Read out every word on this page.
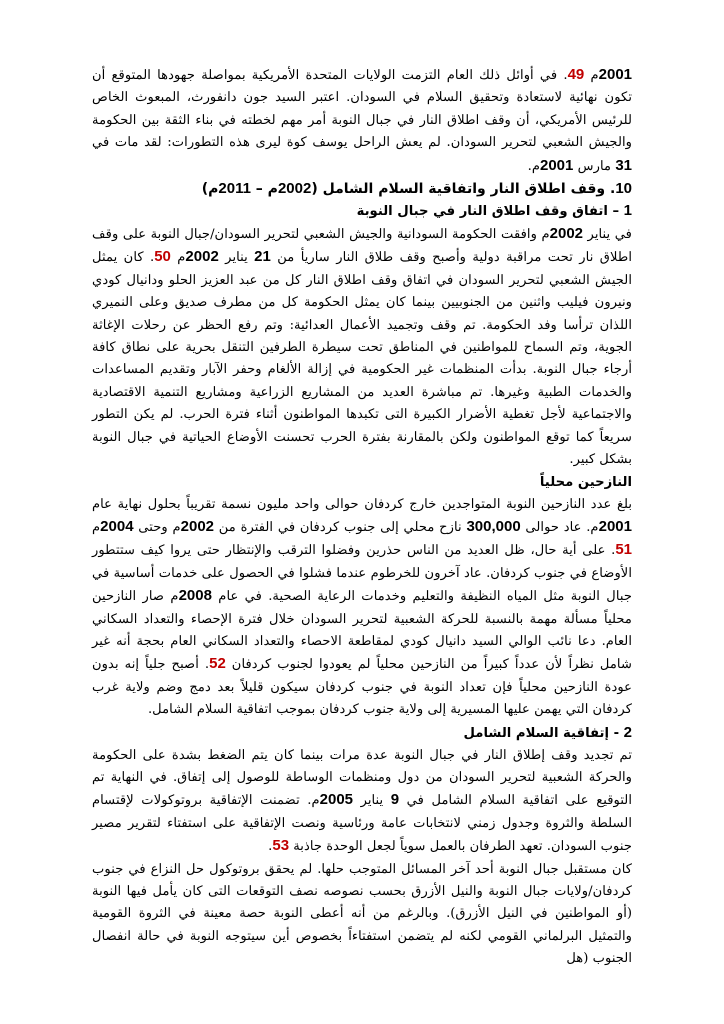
2001م 49. في أوائل ذلك العام التزمت الولايات المتحدة الأمريكية بمواصلة جهودها المتوقع أن تكون نهائية لاستعادة وتحقيق السلام في السودان. اعتبر السيد جون دانفورث، المبعوث الخاص للرئيس الأمريكي، أن وقف اطلاق النار في جبال النوبة أمر مهم لخطته في بناء الثقة بين الحكومة والجيش الشعبي لتحرير السودان. لم يعش الراحل يوسف كوة ليرى هذه التطورات: لقد مات في 31 مارس 2001م.

10. وقف اطلاق النار واتفاقية السلام الشامل (2002م – 2011م)

1 – اتفاق وقف اطلاق النار في جبال النوبة

في يناير 2002م وافقت الحكومة السودانية والجيش الشعبي لتحرير السودان/جبال النوبة على وقف اطلاق نار تحت مراقبة دولية وأصبح وقف طلاق النار ساريأ من 21 يناير 2002م 50. كان يمثل الجيش الشعبي لتحرير السودان في اتفاق وقف اطلاق النار كل من عبد العزيز الحلو ودانيال كودي ونيرون فيليب واثنين من الجنوبيين بينما كان يمثل الحكومة كل من مطرف صديق وعلى النميري اللذان ترأسا وفد الحكومة. تم وقف وتجميد الأعمال العدائية: وتم رفع الحظر عن رحلات الإغاثة الجوية، وتم السماح للمواطنين في المناطق تحت سيطرة الطرفين التنقل بحرية على نطاق كافة أرجاء جبال النوبة. بدأت المنظمات غير الحكومية في إزالة الألغام وحفر الآبار وتقديم المساعدات والخدمات الطبية وغيرها. تم مباشرة العديد من المشاريع الزراعية ومشاريع التنمية الاقتصادية والاجتماعية لأجل تغطية الأضرار الكبيرة التى تكبدها المواطنون أثناء فترة الحرب. لم يكن التطور سريعاً كما توقع المواطنون ولكن بالمقارنة بفترة الحرب تحسنت الأوضاع الحياتية في جبال النوبة بشكل كبير.

النازحين محلياً

بلغ عدد النازحين النوبة المتواجدين خارج كردفان حوالى واحد مليون نسمة تقريباً بحلول نهاية عام 2001م. عاد حوالى 300,000 نازح محلي إلى جنوب كردفان في الفترة من 2002م وحتى 2004م 51. على أية حال، ظل العديد من الناس حذرين وفضلوا الترقب والإنتظار حتى يروا كيف ستتطور الأوضاع في جنوب كردفان. عاد آخرون للخرطوم عندما فشلوا في الحصول على خدمات أساسية في جبال النوبة مثل المياه النظيفة والتعليم وخدمات الرعاية الصحية. في عام 2008م صار النازحين محلياً مسألة مهمة بالنسبة للحركة الشعبية لتحرير السودان خلال فترة الإحصاء والتعداد السكاني العام. دعا نائب الوالي السيد دانيال كودي لمقاطعة الاحصاء والتعداد السكاني العام بحجة أنه غير شامل نظراً لأن عدداً كبيراً من النازحين محلياً لم يعودوا لجنوب كردفان 52. أصبح جلياً إنه بدون عودة النازحين محلياً فإن تعداد النوبة في جنوب كردفان سيكون قليلاً بعد دمج وضم ولاية غرب كردفان التي يهمن عليها المسيرية إلى ولاية جنوب كردفان بموجب اتفاقية السلام الشامل.

2 - إتفاقية السلام الشامل

تم تجديد وقف إطلاق النار في جبال النوبة عدة مرات بينما كان يتم الضغط بشدة على الحكومة والحركة الشعبية لتحرير السودان من دول ومنظمات الوساطة للوصول إلى إتفاق. في النهاية تم التوقيع على اتفاقية السلام الشامل في 9 يناير 2005م. تضمنت الإتفاقية بروتوكولات لإقتسام السلطة والثروة وجدول زمني لانتخابات عامة ورئاسية ونصت الإتفاقية على استفتاء لتقرير مصير جنوب السودان. تعهد الطرفان بالعمل سوياً لجعل الوحدة جاذبة 53.

كان مستقبل جبال النوبة أحد آخر المسائل المتوجب حلها. لم يحقق بروتوكول حل النزاع في جنوب كردفان/ولايات جبال النوبة والنيل الأزرق بحسب نصوصه نصف التوقعات التى كان يأمل فيها النوبة (أو المواطنين في النيل الأزرق). وبالرغم من أنه أعطى النوبة حصة معينة في الثروة القومية والتمثيل البرلماني القومي لكنه لم يتضمن استفتاءاً بخصوص أين سيتوجه النوبة في حالة انفصال الجنوب (هل
